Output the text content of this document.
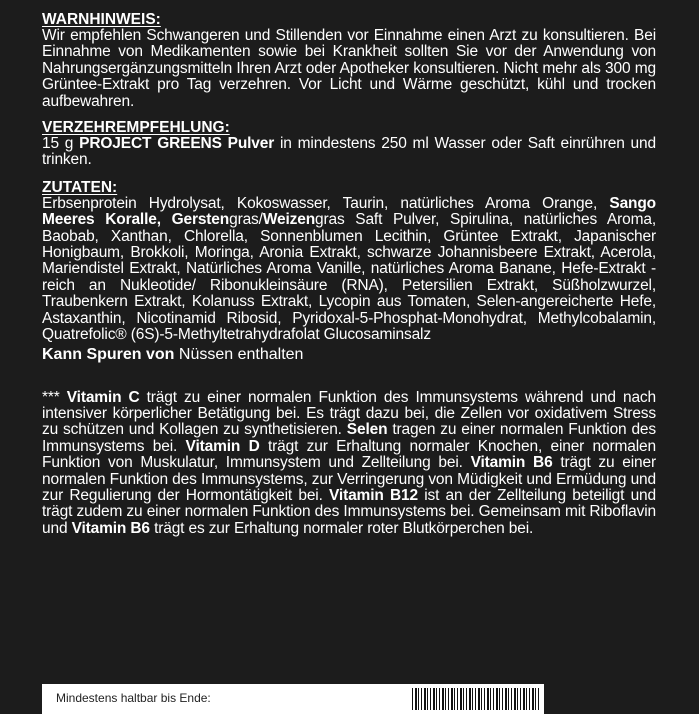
WARNHINWEIS:

Wir empfehlen Schwangeren und Stillenden vor Einnahme einen Arzt zu konsultieren. Bei Einnahme von Medikamenten sowie bei Krankheit sollten Sie vor der Anwendung von Nahrungsergänzungsmitteln Ihren Arzt oder Apotheker konsultieren. Nicht mehr als 300 mg Grüntee-Extrakt pro Tag verzehren. Vor Licht und Wärme geschützt, kühl und trocken aufbewahren.

VERZEHREMPFEHLUNG:

15 g PROJECT GREENS Pulver in mindestens 250 ml Wasser oder Saft einrühren und trinken.

ZUTATEN:

Erbsenprotein Hydrolysat, Kokoswasser, Taurin, natürliches Aroma Orange, Sango Meeres Koralle, Gerstengras/Weizengras Saft Pulver, Spirulina, natürliches Aroma, Baobab, Xanthan, Chlorella, Sonnenblumen Lecithin, Grüntee Extrakt, Japanischer Honigbaum, Brokkoli, Moringa, Aronia Extrakt, schwarze Johannisbeere Extrakt, Acerola, Mariendistel Extrakt, Natürliches Aroma Vanille, natürliches Aroma Banane, Hefe-Extrakt - reich an Nukleotide/ Ribonukleinsäure (RNA), Petersilien Extrakt, Süßholzwurzel, Traubenkern Extrakt, Kolanuss Extrakt, Lycopin aus Tomaten, Selen-angereicherte Hefe, Astaxanthin, Nicotinamid Ribosid, Pyridoxal-5-Phosphat-Monohydrat, Methylcobalamin, Quatrefolic® (6S)-5-Methyltetrahydrafolat Glucosaminsalz

Kann Spuren von Nüssen enthalten

*** Vitamin C trägt zu einer normalen Funktion des Immunsystems während und nach intensiver körperlicher Betätigung bei. Es trägt dazu bei, die Zellen vor oxidativem Stress zu schützen und Kollagen zu synthetisieren. Selen tragen zu einer normalen Funktion des Immunsystems bei. Vitamin D trägt zur Erhaltung normaler Knochen, einer normalen Funktion von Muskulatur, Immunsystem und Zellteilung bei. Vitamin B6 trägt zu einer normalen Funktion des Immunsystems, zur Verringerung von Müdigkeit und Ermüdung und zur Regulierung der Hormontätigkeit bei. Vitamin B12 ist an der Zellteilung beteiligt und trägt zudem zu einer normalen Funktion des Immunsystems bei. Gemeinsam mit Riboflavin und Vitamin B6 trägt es zur Erhaltung normaler roter Blutkörperchen bei.

Mindestens haltbar bis Ende:
